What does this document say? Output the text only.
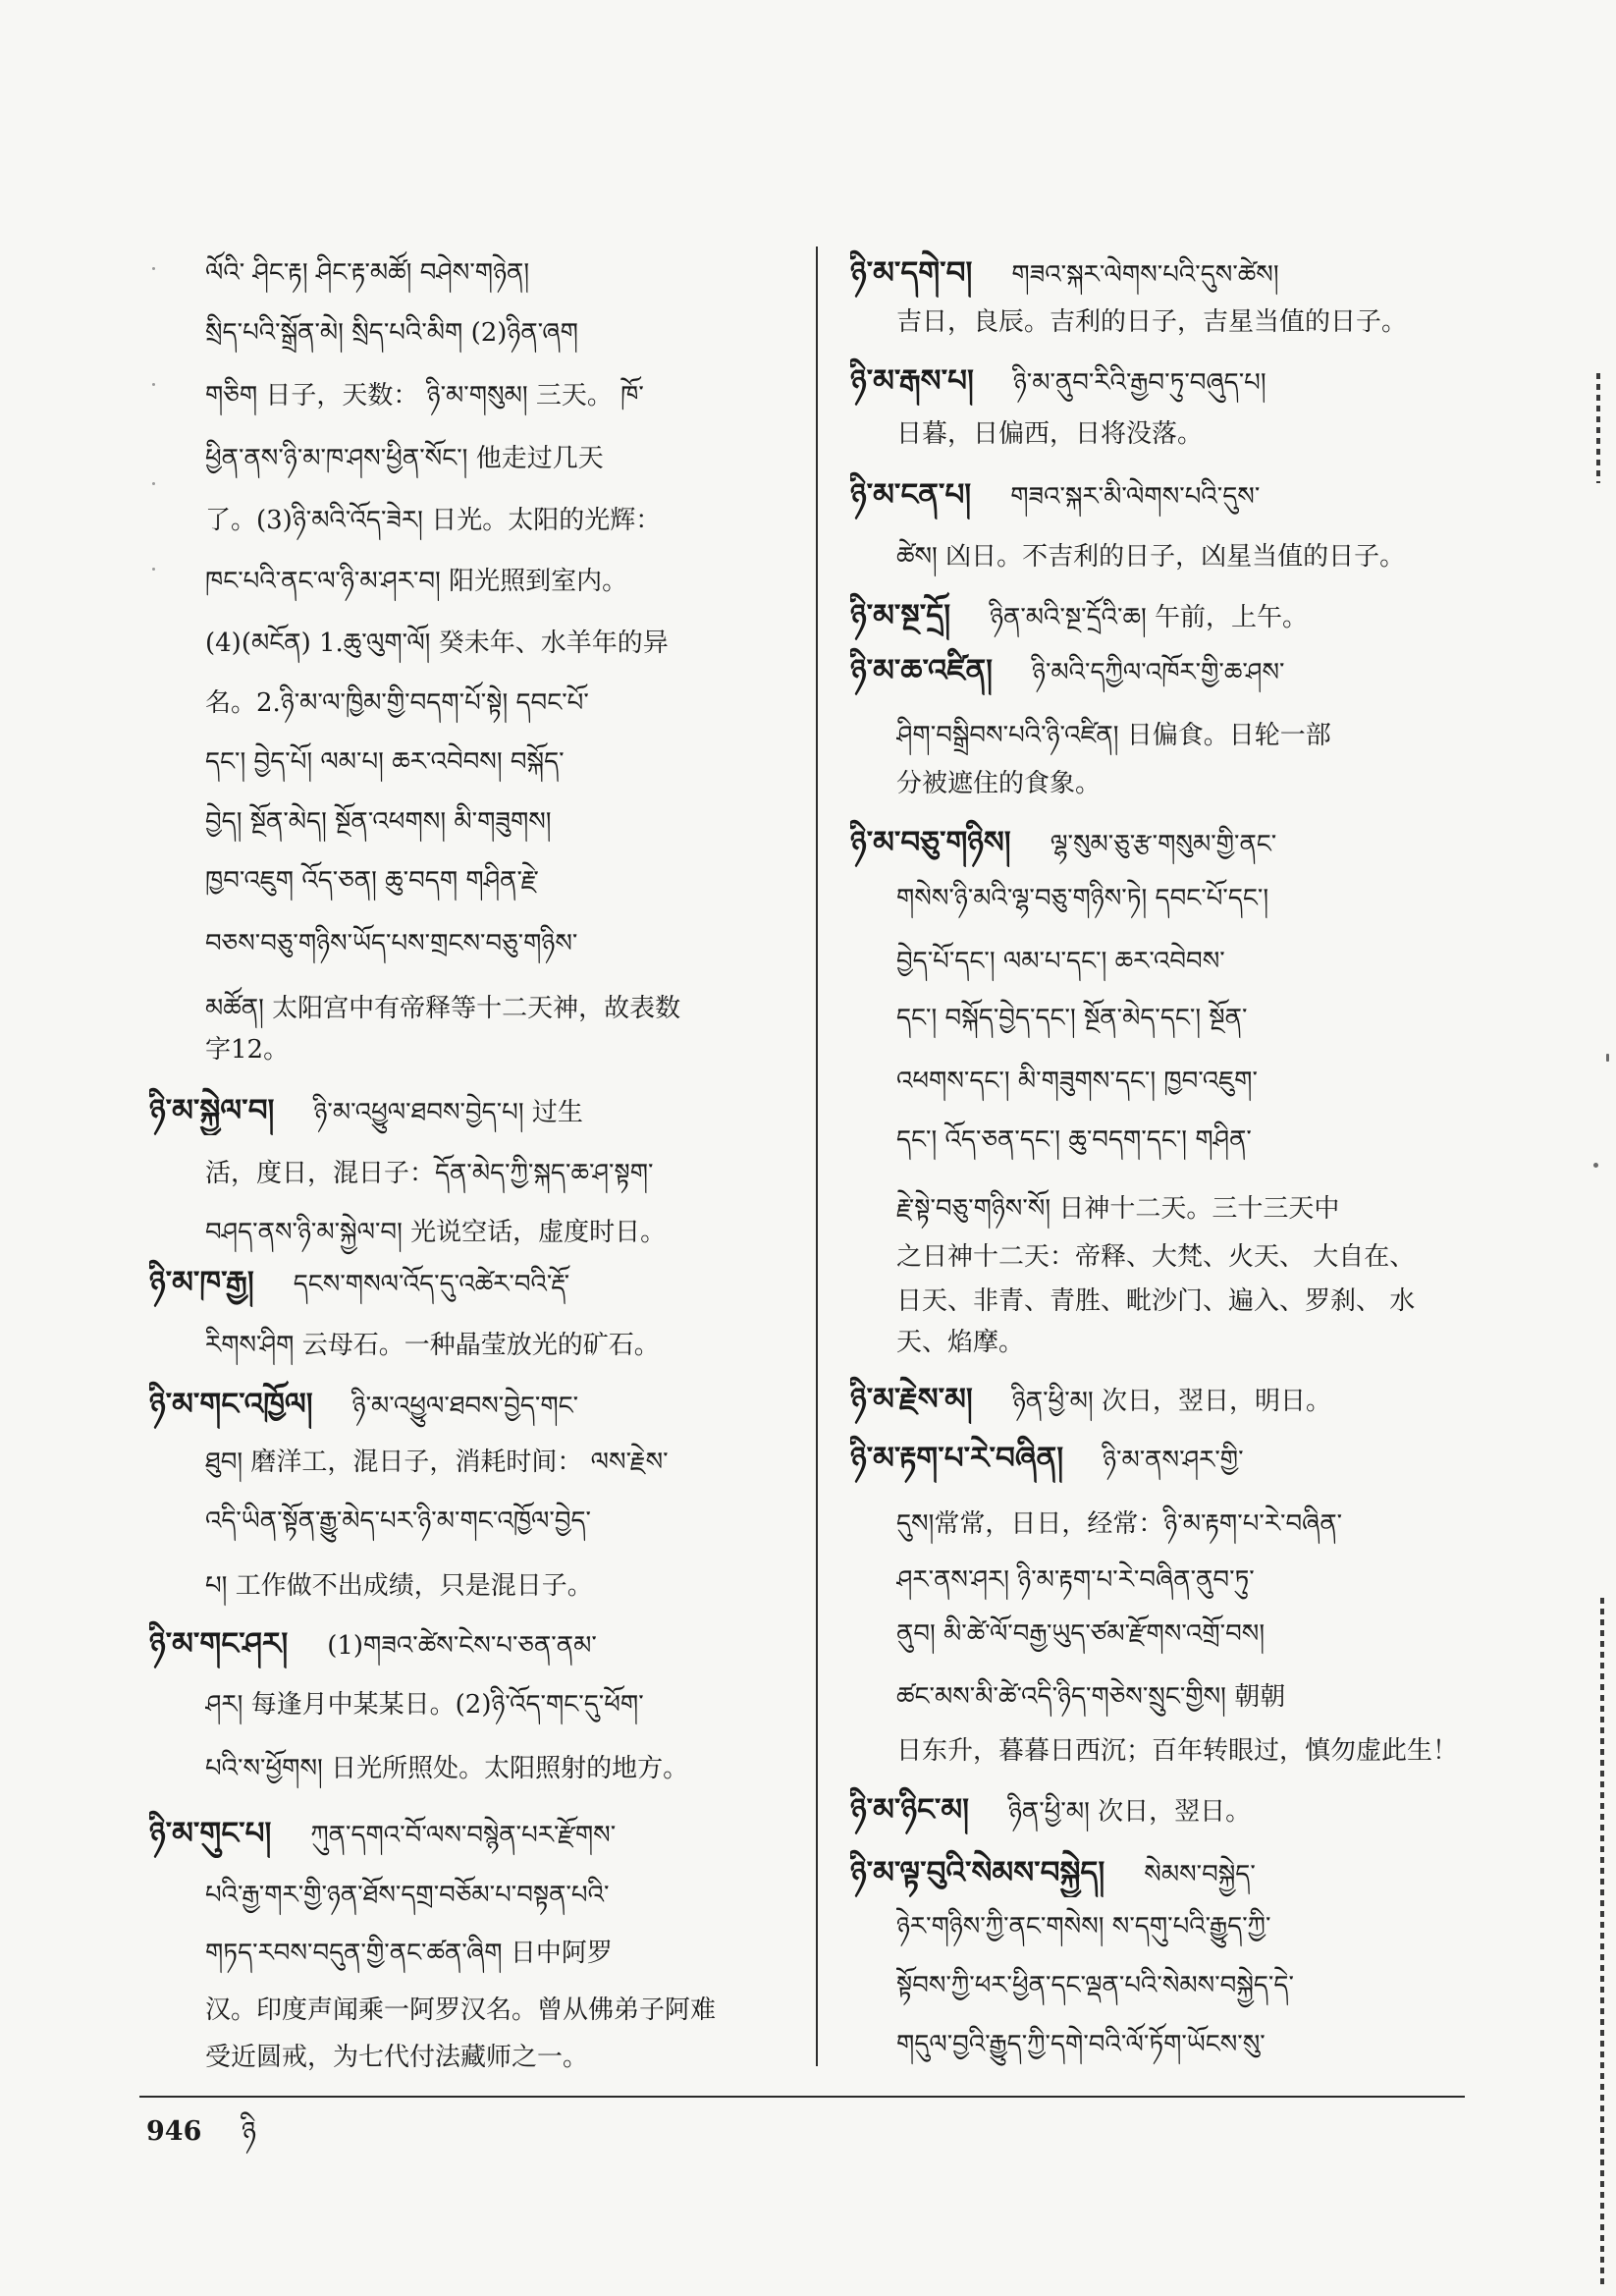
ལོའི་ ཤིང་རྟ། ཤིང་རྟ་མཚོ། བཤེས་གཉེན།
སྲིད་པའི་སྒྲོན་མེ། སྲིད་པའི་མིག (2)ཉིན་ཞག
གཅིག 日子，天数： ཉི་མ་གསུམ། 三天。 ཁོ་
ཕྱིན་ནས་ཉི་མ་ཁ་ཤས་ཕྱིན་སོང་། 他走过几天
了。(3)ཉི་མའི་འོད་ཟེར། 日光。太阳的光辉：
ཁང་པའི་ནང་ལ་ཉི་མ་ཤར་བ། 阳光照到室内。
(4)(མངོན) 1.ཆུ་ལུག་ལོ། 癸未年、水羊年的异
名。2.ཉི་མ་ལ་ཁྱིམ་གྱི་བདག་པོ་སྟེ། དབང་པོ་
དང་། བྱེད་པོ། ལམ་པ། ཆར་འབེབས། བསྐོད་
བྱེད། སྔོན་མེད། སྔོན་འཕགས། མི་གཟུགས།
ཁྱབ་འཇུག འོད་ཅན། ཆུ་བདག གཤིན་རྗེ་
བཅས་བཅུ་གཉིས་ཡོད་པས་གྲངས་བཅུ་གཉིས་
མཚོན། 太阳宫中有帝释等十二天神，故表数
字12。
ཉི་མ་སྐྱེལ་བ། ཉི་མ་འཕྱུལ་ཐབས་བྱེད་པ། 过生
活，度日，混日子：དོན་མེད་ཀྱི་སྐད་ཆ་ཤ་སྟག་
བཤད་ནས་ཉི་མ་སྐྱེལ་བ། 光说空话，虚度时日。
ཉི་མ་ཁ་རྒྱ། དངས་གསལ་འོད་དུ་འཚེར་བའི་རྡོ་
རིགས་ཤིག 云母石。一种晶莹放光的矿石。
ཉི་མ་གང་འཁྱོལ། ཉི་མ་འཕྱུལ་ཐབས་བྱེད་གང་
ཐུབ། 磨洋工，混日子，消耗时间： ལས་རྗེས་
འདི་ཡིན་སྟོན་རྒྱུ་མེད་པར་ཉི་མ་གང་འཁྱོལ་བྱེད་
པ། 工作做不出成绩，只是混日子。
ཉི་མ་གང་ཤར། (1)གཟའ་ཚེས་ངེས་པ་ཅན་ནམ་
ཤར། 每逢月中某某日。(2)ཉི་འོད་གང་དུ་ཕོག་
པའི་ས་ཕྱོགས། 日光所照处。太阳照射的地方。
ཉི་མ་གུང་པ། ཀུན་དགའ་བོ་ལས་བསྙེན་པར་རྫོགས་
པའི་རྒྱ་གར་གྱི་ཉན་ཐོས་དགྲ་བཅོམ་པ་བསྟན་པའི་
གཏད་རབས་བདུན་གྱི་ནང་ཚན་ཞིག 日中阿罗
汉。印度声闻乘一阿罗汉名。曾从佛弟子阿难
受近圆戒，为七代付法藏师之一。
ཉི་མ་དགེ་བ། གཟའ་སྐར་ལེགས་པའི་དུས་ཚེས།
吉日，良辰。吉利的日子，吉星当值的日子。
ཉི་མ་རྒས་པ། ཉི་མ་ནུབ་རིའི་རྒྱབ་ཏུ་བཞུད་པ།
日暮，日偏西，日将没落。
ཉི་མ་ངན་པ། གཟའ་སྐར་མི་ལེགས་པའི་དུས་
ཚེས། 凶日。不吉利的日子，凶星当值的日子。
ཉི་མ་སྔ་དྲོ། ཉིན་མའི་སྔ་དྲོའི་ཆ། 午前，上午。
ཉི་མ་ཆ་འཛིན། ཉི་མའི་དཀྱིལ་འཁོར་གྱི་ཆ་ཤས་
ཤིག་བསྒྲིབས་པའི་ཉི་འཛིན། 日偏食。日轮一部
分被遮住的食象。
ཉི་མ་བཅུ་གཉིས། ལྷ་སུམ་ཅུ་རྩ་གསུམ་གྱི་ནང་
གསེས་ཉི་མའི་ལྷ་བཅུ་གཉིས་ཏེ། དབང་པོ་དང་།
བྱེད་པོ་དང་། ལམ་པ་དང་། ཆར་འབེབས་
དང་། བསྐོད་བྱེད་དང་། སྔོན་མེད་དང་། སྔོན་
འཕགས་དང་། མི་གཟུགས་དང་། ཁྱབ་འཇུག་
དང་། འོད་ཅན་དང་། ཆུ་བདག་དང་། གཤིན་
རྗེ་སྟེ་བཅུ་གཉིས་སོ། 日神十二天。三十三天中
之日神十二天：帝释、大梵、火天、 大自在、
日天、非青、青胜、毗沙门、遍入、罗刹、 水
天、焰摩。
ཉི་མ་རྗེས་མ། ཉིན་ཕྱི་མ། 次日，翌日，明日。
ཉི་མ་རྟག་པ་རེ་བཞིན། ཉི་མ་ནས་ཤར་གྱི་
དུས།常常，日日，经常：ཉི་མ་རྟག་པ་རེ་བཞིན་
ཤར་ནས་ཤར། ཉི་མ་རྟག་པ་རེ་བཞིན་ནུབ་ཏུ་
ནུབ། མི་ཚེ་ལོ་བརྒྱ་ཡུད་ཙམ་རྫོགས་འགྲོ་བས།
ཚང་མས་མི་ཚེ་འདི་ཉིད་གཅེས་སྲུང་གྱིས། 朝朝
日东升，暮暮日西沉；百年转眼过，慎勿虚此生！
ཉི་མ་ཉིང་མ། ཉིན་ཕྱི་མ། 次日，翌日。
ཉི་མ་ལྟ་བུའི་སེམས་བསྐྱེད། སེམས་བསྐྱེད་
ཉེར་གཉིས་ཀྱི་ནང་གསེས། ས་དགུ་པའི་རྒྱུད་ཀྱི་
སྟོབས་ཀྱི་ཕར་ཕྱིན་དང་ལྡན་པའི་སེམས་བསྐྱེད་དེ་
གདུལ་བྱའི་རྒྱུད་ཀྱི་དགེ་བའི་ལོ་ཏོག་ཡོངས་སུ་
946 ཉི
